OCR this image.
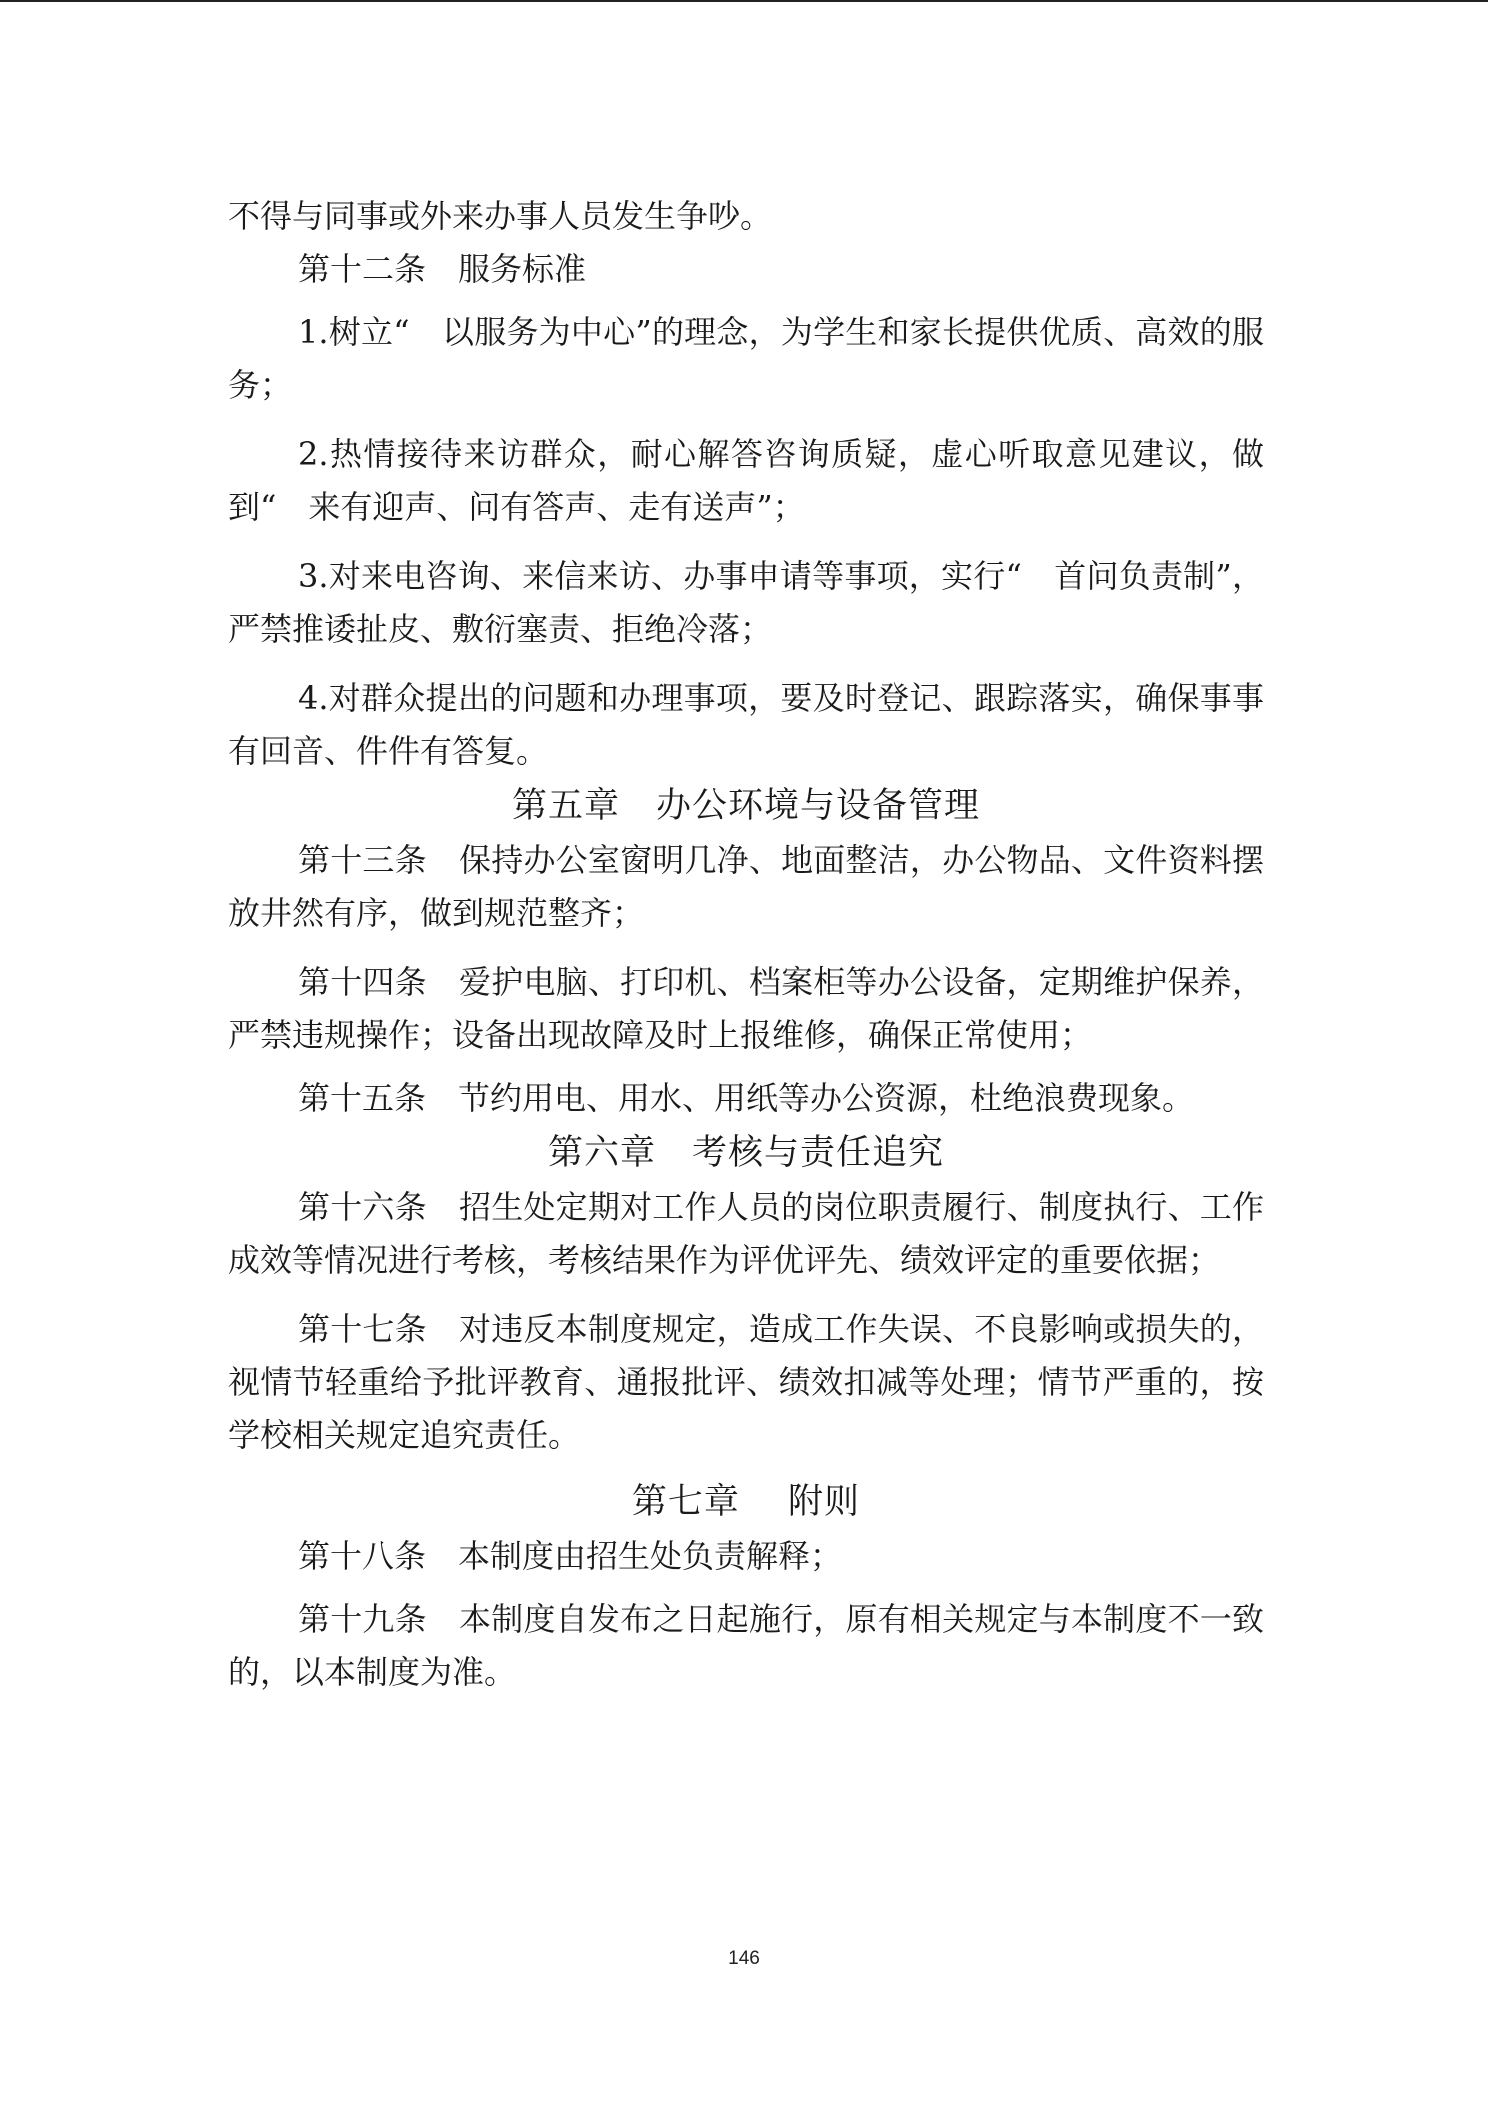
不得与同事或外来办事人员发生争吵。

第十二条　服务标准

1.树立“　以服务为中心”的理念，为学生和家长提供优质、高效的服务；

2.热情接待来访群众，耐心解答咨询质疑，虚心听取意见建议，做到“　来有迎声、问有答声、走有送声”；

3.对来电咨询、来信来访、办事申请等事项，实行“　首问负责制”，严禁推诿扯皮、敷衍塞责、拒绝冷落；

4.对群众提出的问题和办理事项，要及时登记、跟踪落实，确保事事有回音、件件有答复。

第五章　办公环境与设备管理

第十三条　保持办公室窗明几净、地面整洁，办公物品、文件资料摆放井然有序，做到规范整齐；

第十四条　爱护电脑、打印机、档案柜等办公设备，定期维护保养，严禁违规操作；设备出现故障及时上报维修，确保正常使用；

第十五条　节约用电、用水、用纸等办公资源，杜绝浪费现象。

第六章　考核与责任追究

第十六条　招生处定期对工作人员的岗位职责履行、制度执行、工作成效等情况进行考核，考核结果作为评优评先、绩效评定的重要依据；

第十七条　对违反本制度规定，造成工作失误、不良影响或损失的，视情节轻重给予批评教育、通报批评、绩效扣减等处理；情节严重的，按学校相关规定追究责任。

第七章　 附则

第十八条　本制度由招生处负责解释；

第十九条　本制度自发布之日起施行，原有相关规定与本制度不一致的，以本制度为准。

146
